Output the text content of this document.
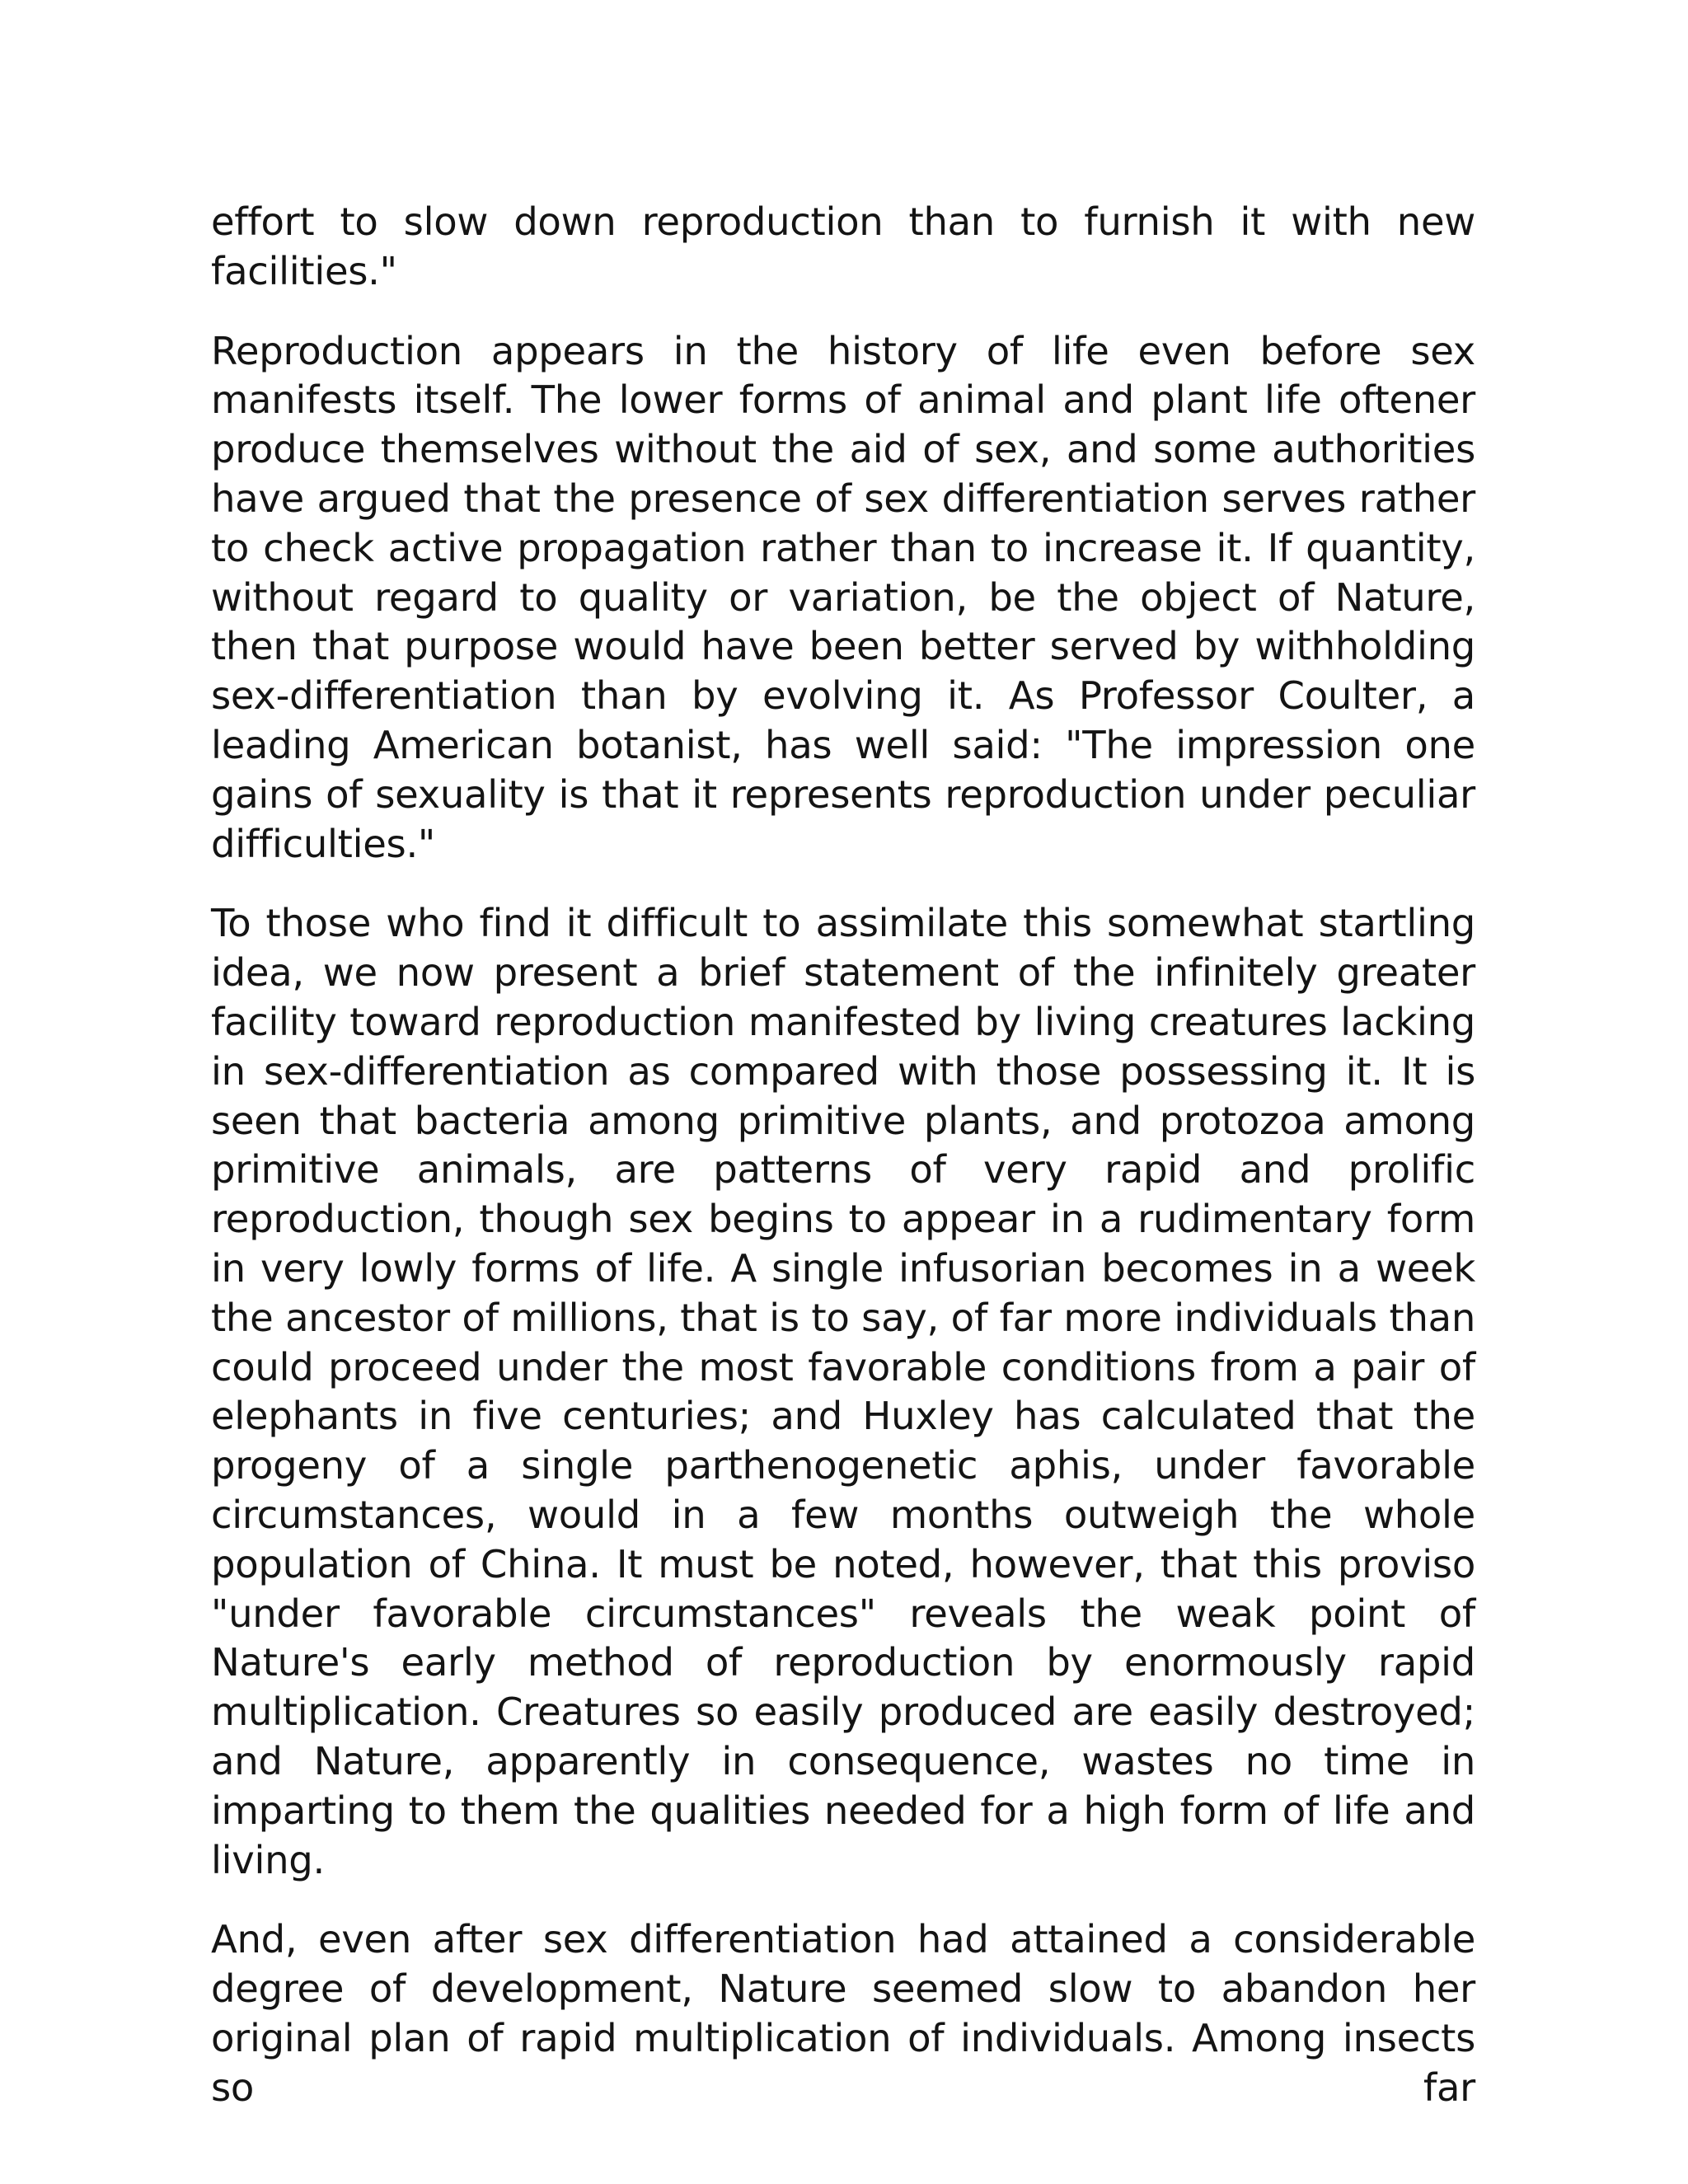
effort to slow down reproduction than to furnish it with new facilities."

Reproduction appears in the history of life even before sex manifests itself. The lower forms of animal and plant life oftener produce themselves without the aid of sex, and some authorities have argued that the presence of sex differentiation serves rather to check active propagation rather than to increase it. If quantity, without regard to quality or variation, be the object of Nature, then that purpose would have been better served by withholding sex-differentiation than by evolving it. As Professor Coulter, a leading American botanist, has well said: "The impression one gains of sexuality is that it represents reproduction under peculiar difficulties."

To those who find it difficult to assimilate this somewhat startling idea, we now present a brief statement of the infinitely greater facility toward reproduction manifested by living creatures lacking in sex-differentiation as compared with those possessing it. It is seen that bacteria among primitive plants, and protozoa among primitive animals, are patterns of very rapid and prolific reproduction, though sex begins to appear in a rudimentary form in very lowly forms of life. A single infusorian becomes in a week the ancestor of millions, that is to say, of far more individuals than could proceed under the most favorable conditions from a pair of elephants in five centuries; and Huxley has calculated that the progeny of a single parthenogenetic aphis, under favorable circumstances, would in a few months outweigh the whole population of China. It must be noted, however, that this proviso "under favorable circumstances" reveals the weak point of Nature's early method of reproduction by enormously rapid multiplication. Creatures so easily produced are easily destroyed; and Nature, apparently in consequence, wastes no time in imparting to them the qualities needed for a high form of life and living.

And, even after sex differentiation had attained a considerable degree of development, Nature seemed slow to abandon her original plan of rapid multiplication of individuals. Among insects so far
